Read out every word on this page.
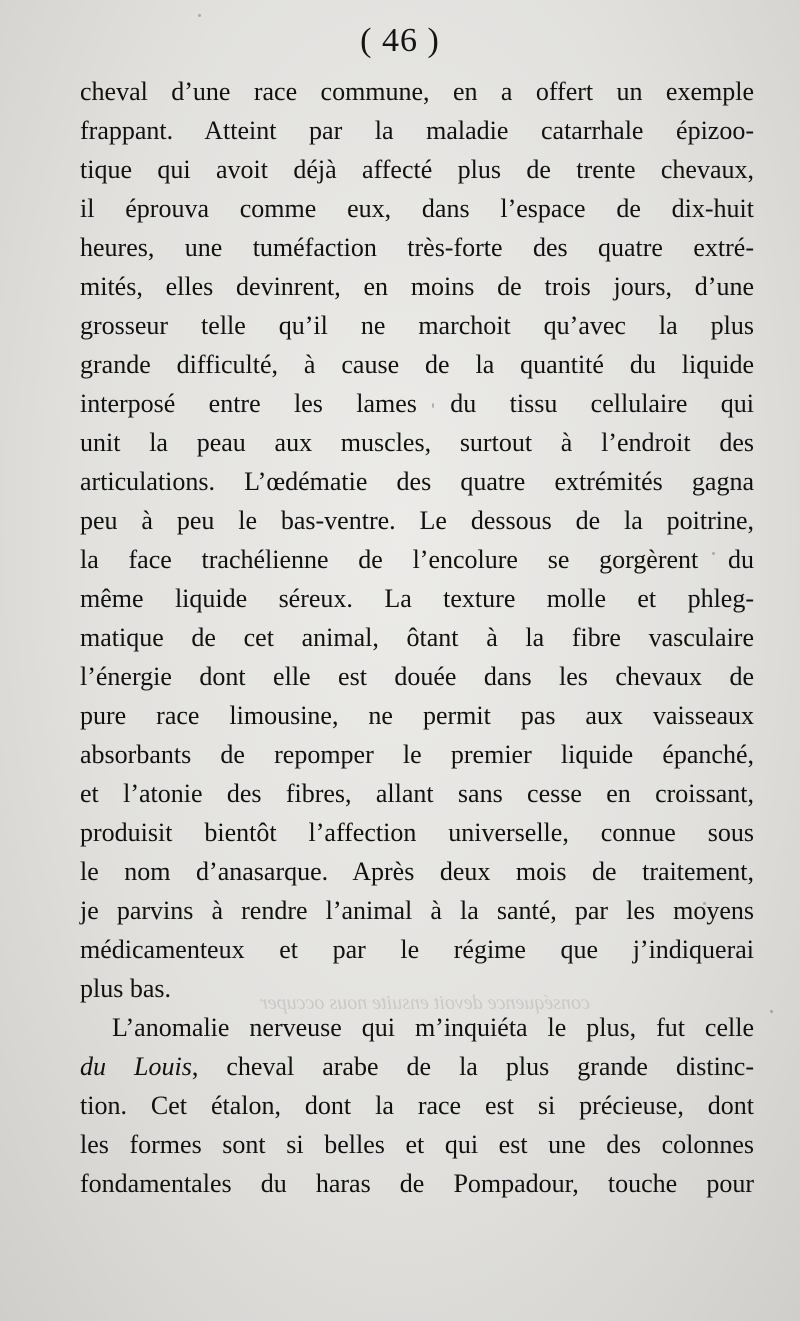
( 46 )
conséquence devoit ensuite nous occuper
cheval d’une race commune, en a offert un exemple
frappant. Atteint par la maladie catarrhale épizoo-
tique qui avoit déjà affecté plus de trente chevaux,
il éprouva comme eux, dans l’espace de dix-huit
heures, une tuméfaction très-forte des quatre extré-
mités, elles devinrent, en moins de trois jours, d’une
grosseur telle qu’il ne marchoit qu’avec la plus
grande difficulté, à cause de la quantité du liquide
interposé entre les lames du tissu cellulaire qui
unit la peau aux muscles, surtout à l’endroit des
articulations. L’œdématie des quatre extrémités gagna
peu à peu le bas-ventre. Le dessous de la poitrine,
la face trachélienne de l’encolure se gorgèrent du
même liquide séreux. La texture molle et phleg-
matique de cet animal, ôtant à la fibre vasculaire
l’énergie dont elle est douée dans les chevaux de
pure race limousine, ne permit pas aux vaisseaux
absorbants de repomper le premier liquide épanché,
et l’atonie des fibres, allant sans cesse en croissant,
produisit bientôt l’affection universelle, connue sous
le nom d’anasarque. Après deux mois de traitement,
je parvins à rendre l’animal à la santé, par les moyens
médicamenteux et par le régime que j’indiquerai
plus bas.
L’anomalie nerveuse qui m’inquiéta le plus, fut celle
du Louis, cheval arabe de la plus grande distinc-
tion. Cet étalon, dont la race est si précieuse, dont
les formes sont si belles et qui est une des colonnes
fondamentales du haras de Pompadour, touche pour
